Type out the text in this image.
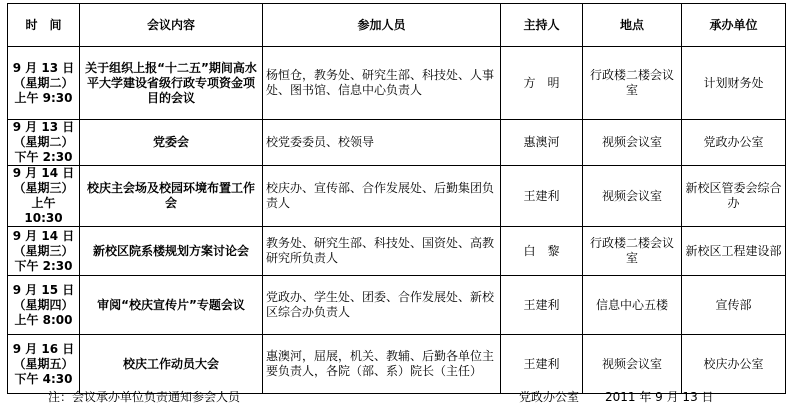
时　间	会议内容	参加人员	主持人	地点	承办单位

9 月 13 日
（星期二）
上午 9:30	关于组织上报“十二五”期间高水平大学建设省级行政专项资金项目的会议	杨恒仓，教务处、研究生部、科技处、人事处、图书馆、信息中心负责人	方　明	行政楼二楼会议室	计划财务处

9 月 13 日
（星期二）
下午 2:30	党委会	校党委委员、校领导	惠澳河	视频会议室	党政办公室

9 月 14 日
（星期三）
上午 10:30	校庆主会场及校园环境布置工作会	校庆办、宣传部、合作发展处、后勤集团负责人	王建利	视频会议室	新校区管委会综合办

9 月 14 日
（星期三）
下午 2:30	新校区院系楼规划方案讨论会	教务处、研究生部、科技处、国资处、高教研究所负责人	白　黎	行政楼二楼会议室	新校区工程建设部

9 月 15 日
（星期四）
上午 8:00	审阅“校庆宣传片”专题会议	党政办、学生处、团委、合作发展处、新校区综合办负责人	王建利	信息中心五楼	宣传部

9 月 16 日
（星期五）
下午 4:30	校庆工作动员大会	惠澳河，屈展，机关、教辅、后勤各单位主要负责人，各院（部、系）院长（主任）	王建利	视频会议室	校庆办公室
注：会议承办单位负责通知参会人员	党政办公室 2011 年 9 月 13 日
